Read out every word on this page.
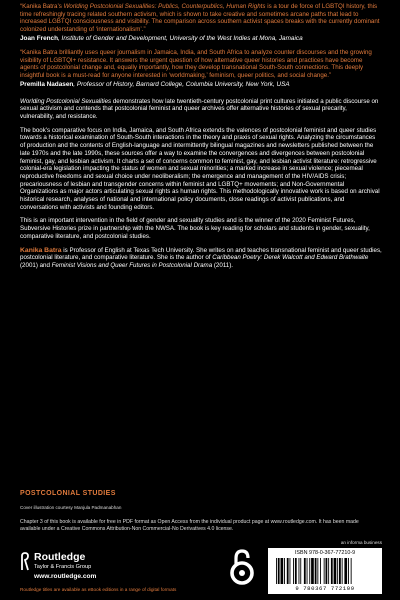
“Kanika Batra’s Worlding Postcolonial Sexualities: Publics, Counterpublics, Human Rights is a tour de force of LGBTQI history, this time refreshingly tracing related southern activism, which is shown to take creative and sometimes arcane paths that lead to increased LGBTQI consciousness and visibility. The comparison across southern activist spaces breaks with the currently dominant colonized understanding of ‘internationalism’.”

Joan French, Institute of Gender and Development, University of the West Indies at Mona, Jamaica

“Kanika Batra brilliantly uses queer journalism in Jamaica, India, and South Africa to analyze counter discourses and the growing visibility of LGBTQI+ resistance. It answers the urgent question of how alternative queer histories and practices have become agents of postcolonial change and, equally importantly, how they develop transnational South-South connections. This deeply insightful book is a must-read for anyone interested in ‘worldmaking,’ feminism, queer politics, and social change.”

Premilla Nadasen, Professor of History, Barnard College, Columbia University, New York, USA

Worlding Postcolonial Sexualities demonstrates how late twentieth-century postcolonial print cultures initiated a public discourse on sexual activism and contends that postcolonial feminist and queer archives offer alternative histories of sexual precarity, vulnerability, and resistance.

The book’s comparative focus on India, Jamaica, and South Africa extends the valences of postcolonial feminist and queer studies towards a historical examination of South-South interactions in the theory and praxis of sexual rights. Analyzing the circumstances of production and the contents of English-language and intermittently bilingual magazines and newsletters published between the late 1970s and the late 1990s, these sources offer a way to examine the convergences and divergences between postcolonial feminist, gay, and lesbian activism. It charts a set of concerns common to feminist, gay, and lesbian activist literature: retrogressive colonial-era legislation impacting the status of women and sexual minorities; a marked increase in sexual violence; piecemeal reproductive freedoms and sexual choice under neoliberalism; the emergence and management of the HIV/AIDS crisis; precariousness of lesbian and transgender concerns within feminist and LGBTQ+ movements; and Non-Governmental Organizations as major actors articulating sexual rights as human rights. This methodologically innovative work is based on archival historical research, analyses of national and international policy documents, close readings of activist publications, and conversations with activists and founding editors.

This is an important intervention in the field of gender and sexuality studies and is the winner of the 2020 Feminist Futures, Subversive Histories prize in partnership with the NWSA. The book is key reading for scholars and students in gender, sexuality, comparative literature, and postcolonial studies.

Kanika Batra is Professor of English at Texas Tech University. She writes on and teaches transnational feminist and queer studies, postcolonial literature, and comparative literature. She is the author of Caribbean Poetry: Derek Walcott and Edward Brathwaite (2001) and Feminist Visions and Queer Futures in Postcolonial Drama (2011).

POSTCOLONIAL STUDIES
Cover illustration courtesy Manjula Padmanabhan
Chapter 3 of this book is available for free in PDF format as Open Access from the individual product page at www.routledge.com. It has been made available under a Creative Commons Attribution-Non Commercial-No Derivatives 4.0 license.
Routledge
Taylor & Francis Group
www.routledge.com
Routledge titles are available as eBook editions in a range of digital formats
an informa business
ISBN 978-0-367-77210-9
9 780367 772109
